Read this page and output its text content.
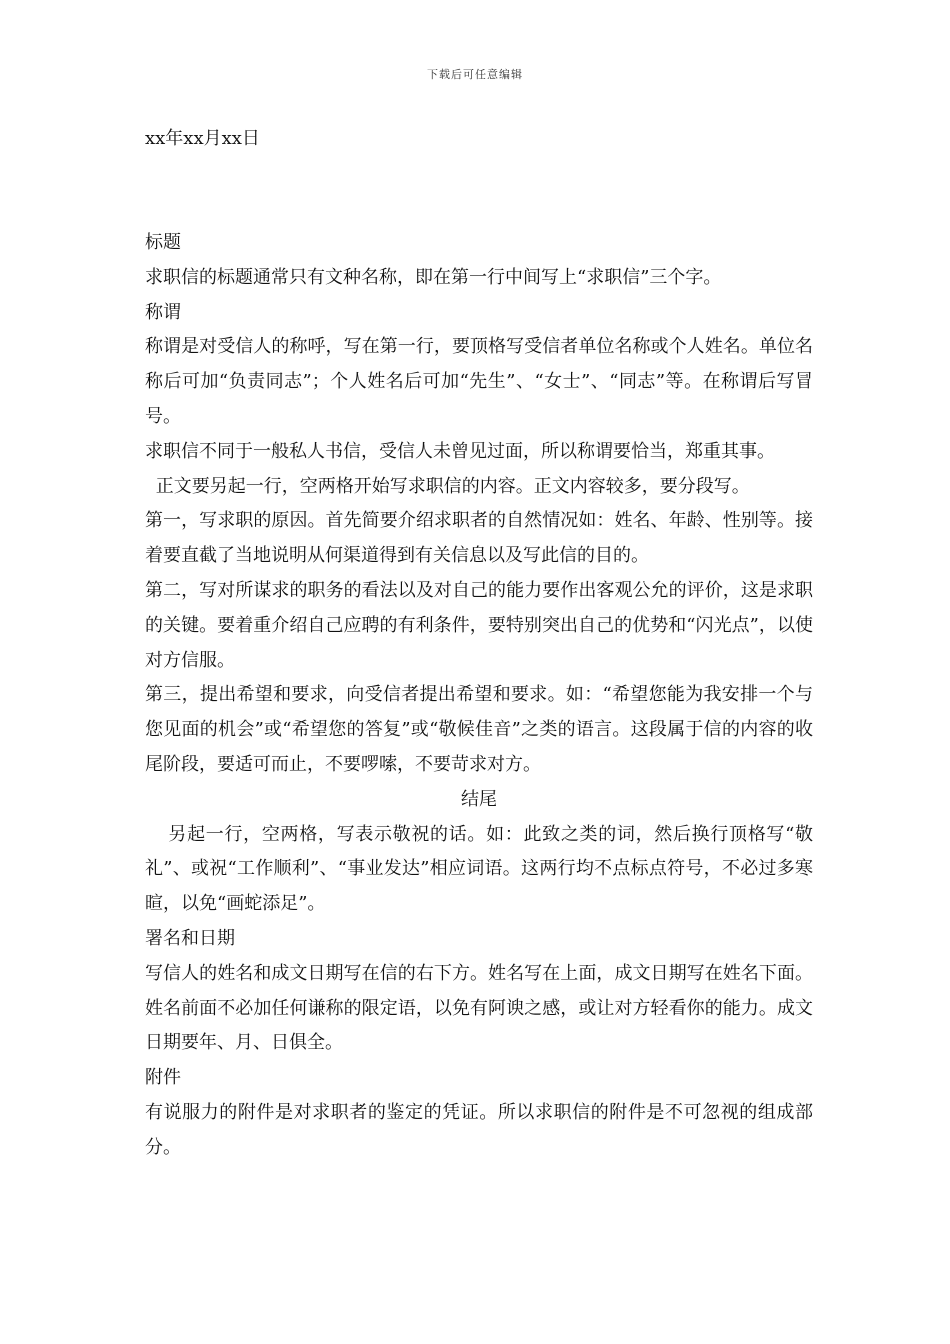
下载后可任意编辑
xx年xx月xx日

标题

求职信的标题通常只有文种名称，即在第一行中间写上“求职信”三个字。

称谓

称谓是对受信人的称呼，写在第一行，要顶格写受信者单位名称或个人姓名。单位名称后可加“负责同志”；个人姓名后可加“先生”、“女士”、“同志”等。在称谓后写冒号。

求职信不同于一般私人书信，受信人未曾见过面，所以称谓要恰当，郑重其事。

正文要另起一行，空两格开始写求职信的内容。正文内容较多，要分段写。

第一，写求职的原因。首先简要介绍求职者的自然情况如：姓名、年龄、性别等。接着要直截了当地说明从何渠道得到有关信息以及写此信的目的。

第二，写对所谋求的职务的看法以及对自己的能力要作出客观公允的评价，这是求职的关键。要着重介绍自己应聘的有利条件，要特别突出自己的优势和“闪光点”，以使对方信服。

第三，提出希望和要求，向受信者提出希望和要求。如：“希望您能为我安排一个与您见面的机会”或“希望您的答复”或“敬候佳音”之类的语言。这段属于信的内容的收尾阶段，要适可而止，不要啰嗦，不要苛求对方。

结尾

另起一行，空两格，写表示敬祝的话。如：此致之类的词，然后换行顶格写“敬礼”、或祝“工作顺利”、“事业发达”相应词语。这两行均不点标点符号，不必过多寒暄，以免“画蛇添足”。

署名和日期

写信人的姓名和成文日期写在信的右下方。姓名写在上面，成文日期写在姓名下面。姓名前面不必加任何谦称的限定语，以免有阿谀之感，或让对方轻看你的能力。成文日期要年、月、日俱全。

附件

有说服力的附件是对求职者的鉴定的凭证。所以求职信的附件是不可忽视的组成部分。
